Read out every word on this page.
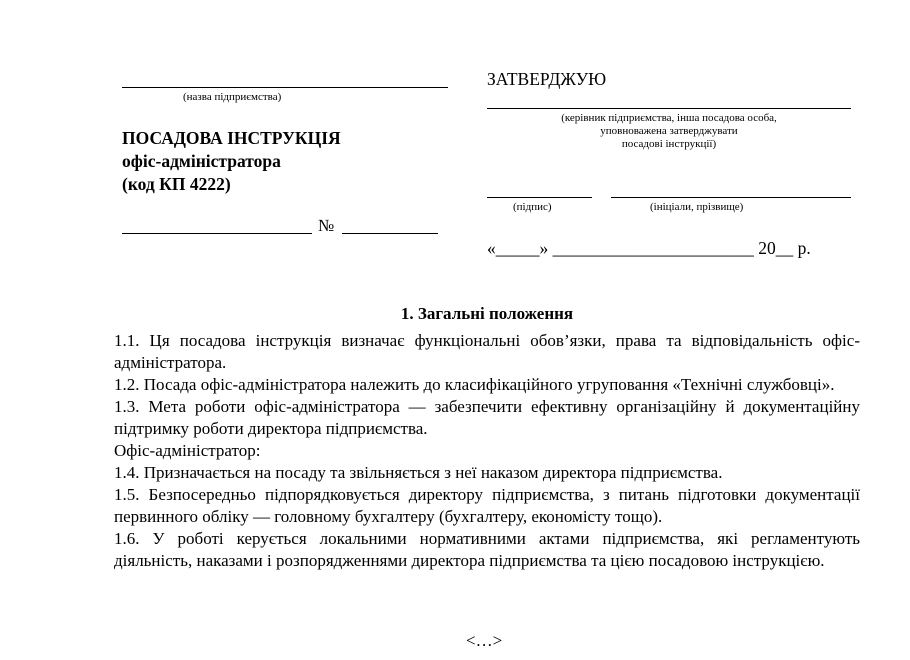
(назва підприємства)
ПОСАДОВА ІНСТРУКЦІЯ
офіс-адміністратора
(код КП 4222)
№
ЗАТВЕРДЖУЮ
(керівник підприємства, інша посадова особа,
уповноважена затверджувати
посадові інструкції)
(підпис)	(ініціали, прізвище)
«_____» _______________________ 20__ р.
1. Загальні положення

1.1. Ця посадова інструкція визначає функціональні обов’язки, права та відповідальність офіс-адміністратора.

1.2. Посада офіс-адміністратора належить до класифікаційного угруповання «Технічні службовці».

1.3. Мета роботи офіс-адміністратора — забезпечити ефективну організаційну й документаційну підтримку роботи директора підприємства.

Офіс-адміністратор:

1.4. Призначається на посаду та звільняється з неї наказом директора підприємства.

1.5. Безпосередньо підпорядковується директору підприємства, з питань підготовки документації первинного обліку — головному бухгалтеру (бухгалтеру, економісту тощо).

1.6. У роботі керується локальними нормативними актами підприємства, які регламентують діяльність, наказами і розпорядженнями директора підприємства та цією посадовою інструкцією.

<…>
